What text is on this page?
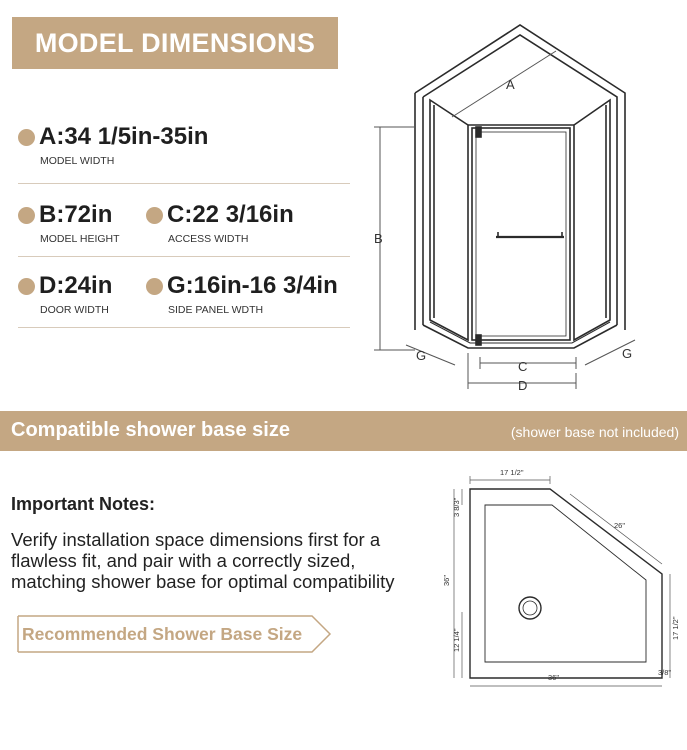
MODEL DIMENSIONS
A:34 1/5in-35in
MODEL WIDTH
B:72in
MODEL HEIGHT
C:22 3/16in
ACCESS WIDTH
D:24in
DOOR WIDTH
G:16in-16 3/4in
SIDE PANEL WDTH
A
B
C
D
G	G
Compatible shower base size	(shower base not included)
Important Notes:
Verify installation space dimensions first for a flawless fit, and pair with a correctly sized, matching shower base for optimal compatibility
Recommended Shower Base Size
17 1/2"
3 8/3"
26"
36"
17 1/2"
12 1/4"
36"
3/8"
